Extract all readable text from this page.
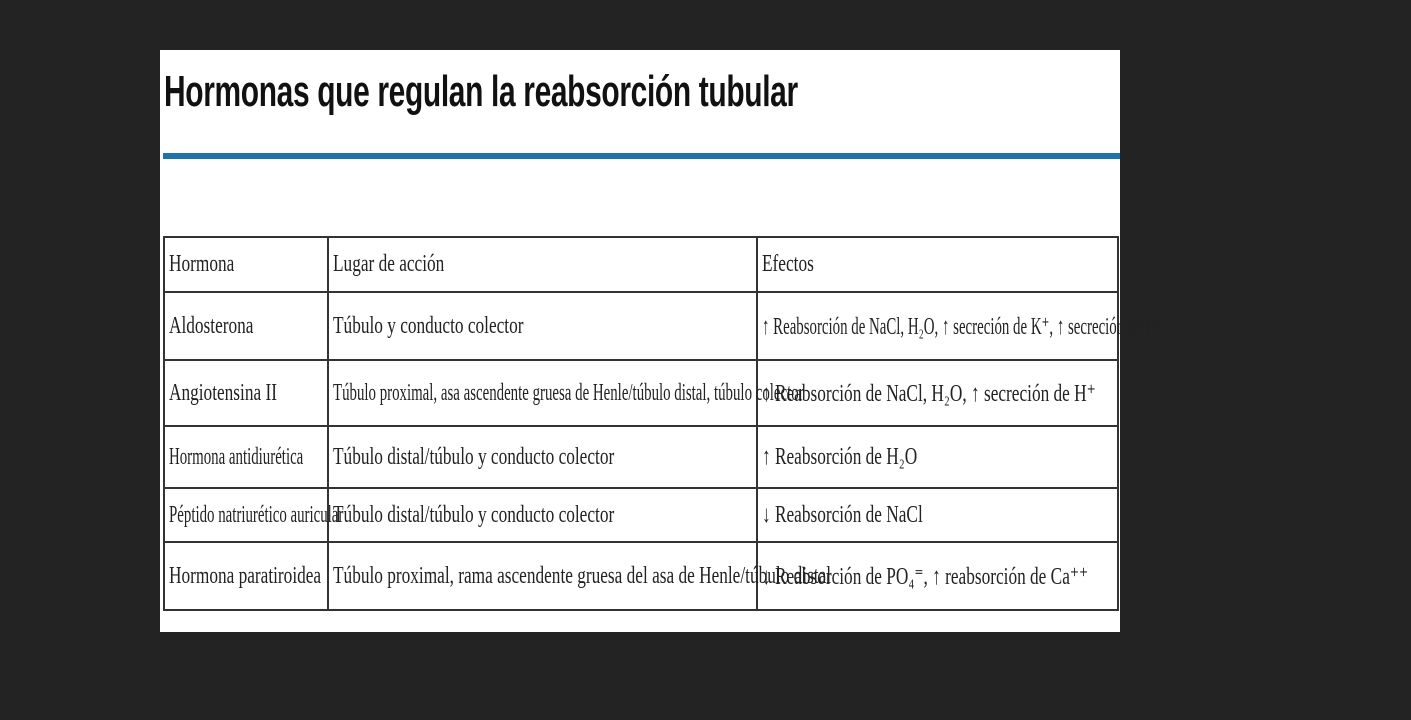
Hormonas que regulan la reabsorción tubular
Hormona	Lugar de acción	Efectos
Aldosterona	Túbulo y conducto colector	↑ Reabsorción de NaCl, H₂O, ↑ secreción de K⁺, ↑ secreción de H⁺
Angiotensina II	Túbulo proximal, asa ascendente gruesa de Henle/túbulo distal, túbulo colector	↑ Reabsorción de NaCl, H₂O, ↑ secreción de H⁺
Hormona antidiurética	Túbulo distal/túbulo y conducto colector	↑ Reabsorción de H₂O
Péptido natriurético auricular	Túbulo distal/túbulo y conducto colector	↓ Reabsorción de NaCl
Hormona paratiroidea	Túbulo proximal, rama ascendente gruesa del asa de Henle/túbulo distal	↓ Reabsorción de PO₄⁼, ↑ reabsorción de Ca⁺⁺
